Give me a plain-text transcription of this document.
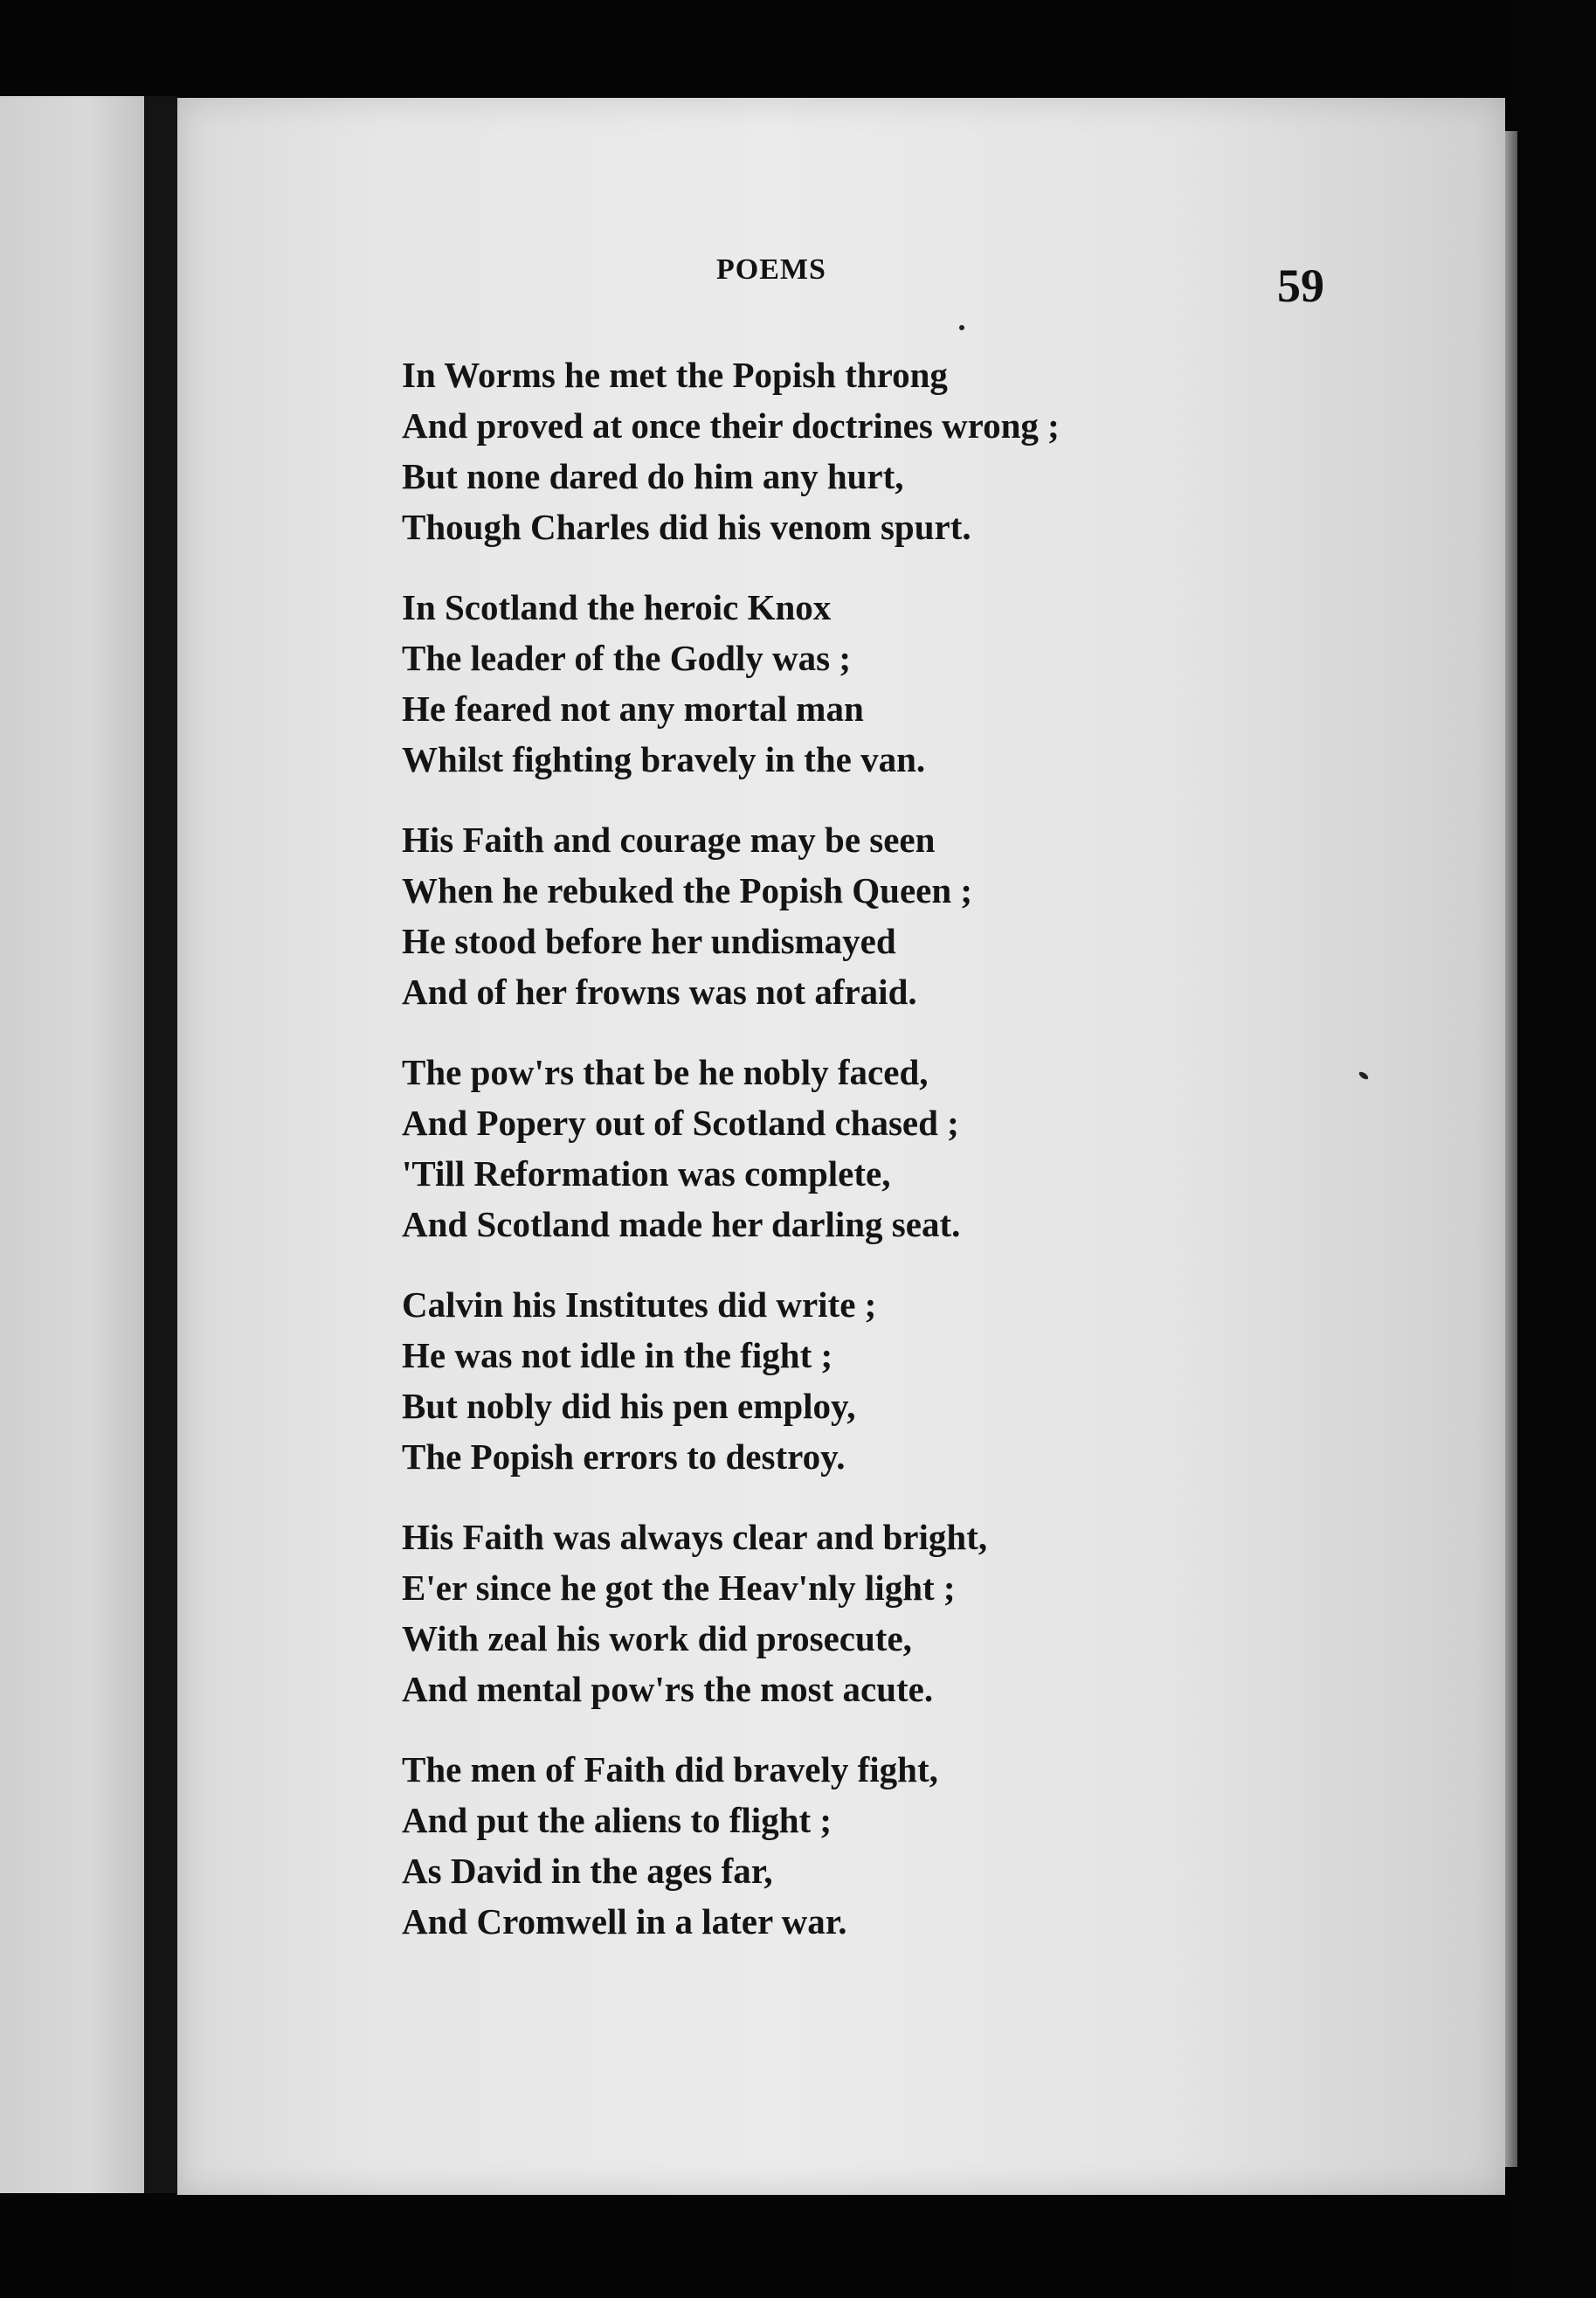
POEMS	59
In Worms he met the Popish throng
And proved at once their doctrines wrong ;
But none dared do him any hurt,
Though Charles did his venom spurt.
In Scotland the heroic Knox
The leader of the Godly was ;
He feared not any mortal man
Whilst fighting bravely in the van.
His Faith and courage may be seen
When he rebuked the Popish Queen ;
He stood before her undismayed
And of her frowns was not afraid.
The pow'rs that be he nobly faced,
And Popery out of Scotland chased ;
'Till Reformation was complete,
And Scotland made her darling seat.
Calvin his Institutes did write ;
He was not idle in the fight ;
But nobly did his pen employ,
The Popish errors to destroy.
His Faith was always clear and bright,
E'er since he got the Heav'nly light ;
With zeal his work did prosecute,
And mental pow'rs the most acute.
The men of Faith did bravely fight,
And put the aliens to flight ;
As David in the ages far,
And Cromwell in a later war.
